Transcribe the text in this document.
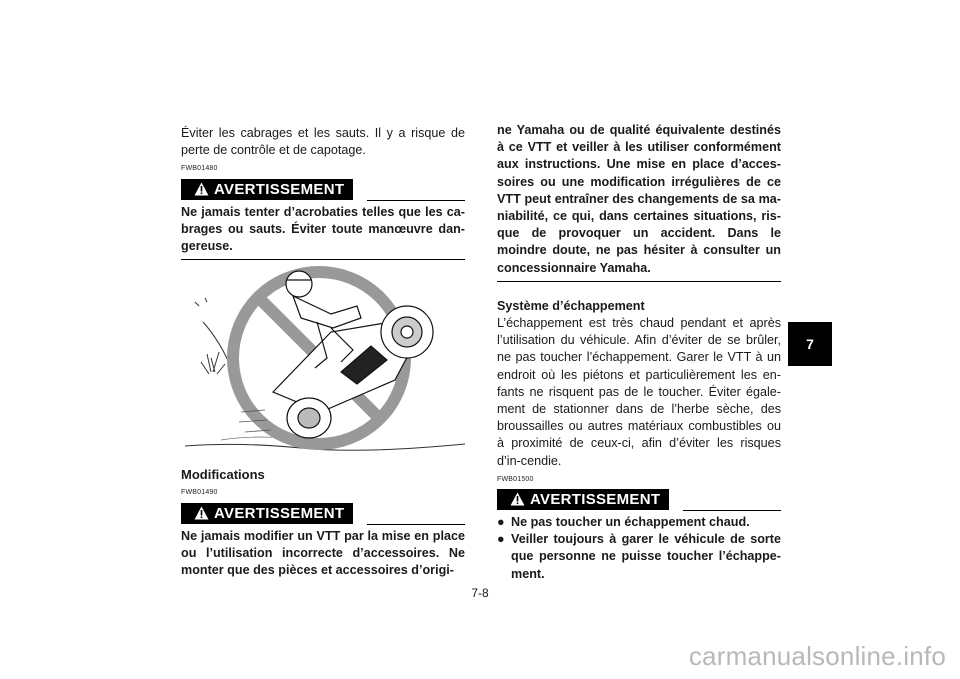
Éviter les cabrages et les sauts. Il y a risque de perte de contrôle et de capotage.
FWB01480
AVERTISSEMENT
Ne jamais tenter d’acrobaties telles que les ca-brages ou sauts. Éviter toute manœuvre dan-gereuse.
Modifications
FWB01490
AVERTISSEMENT
Ne jamais modifier un VTT par la mise en place ou l’utilisation incorrecte d’accessoires. Ne monter que des pièces et accessoires d’origi-
ne Yamaha ou de qualité équivalente destinés à ce VTT et veiller à les utiliser conformément aux instructions. Une mise en place d’acces-soires ou une modification irrégulières de ce VTT peut entraîner des changements de sa ma-niabilité, ce qui, dans certaines situations, ris-que de provoquer un accident. Dans le moindre doute, ne pas hésiter à consulter un concessionnaire Yamaha.
Système d’échappement
L’échappement est très chaud pendant et après l’utilisation du véhicule. Afin d’éviter de se brûler, ne pas toucher l’échappement. Garer le VTT à un endroit où les piétons et particulièrement les en-fants ne risquent pas de le toucher. Éviter égale-ment de stationner dans de l’herbe sèche, des broussailles ou autres matériaux combustibles ou à proximité de ceux-ci, afin d’éviter les risques d’in-cendie.
FWB01500
AVERTISSEMENT
● Ne pas toucher un échappement chaud.
● Veiller toujours à garer le véhicule de sorte que personne ne puisse toucher l’échappe-ment.
7-8
7
carmanualsonline.info
